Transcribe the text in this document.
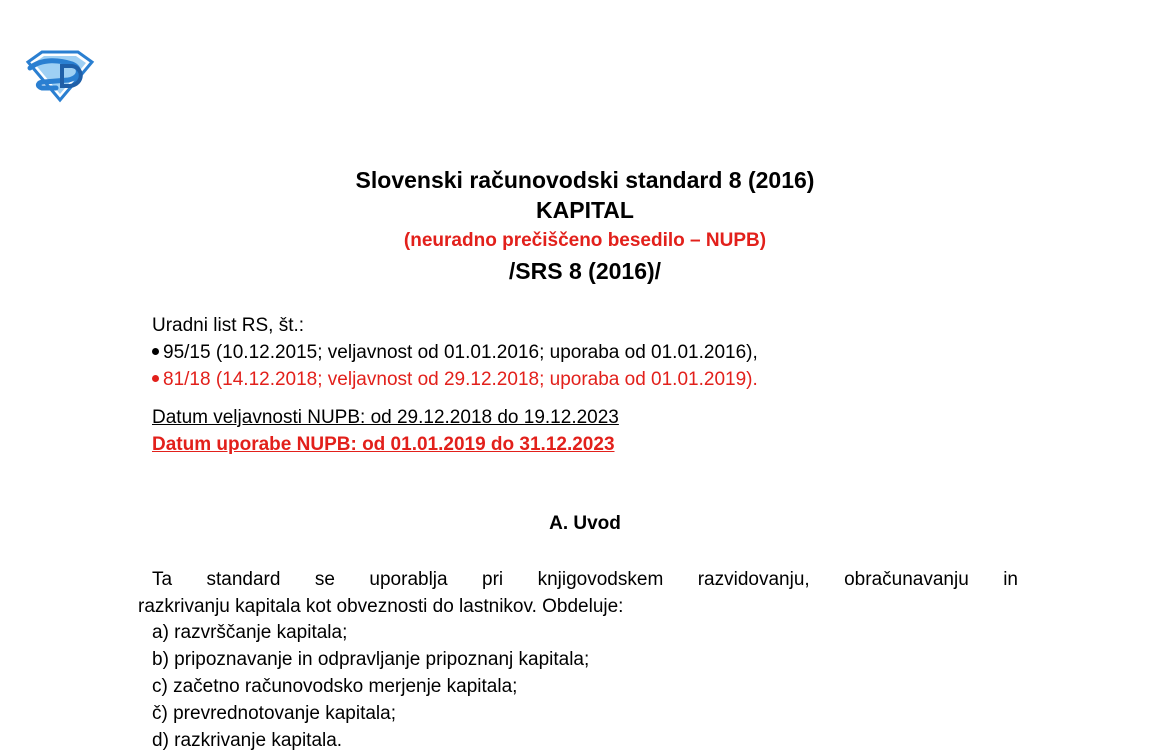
Slovenski računovodski standard 8 (2016)
KAPITAL
(neuradno prečiščeno besedilo – NUPB)
/SRS 8 (2016)/
Uradni list RS, št.:
95/15 (10.12.2015; veljavnost od 01.01.2016; uporaba od 01.01.2016),
81/18 (14.12.2018; veljavnost od 29.12.2018; uporaba od 01.01.2019).
Datum veljavnosti NUPB: od 29.12.2018 do 19.12.2023
Datum uporabe NUPB: od 01.01.2019 do 31.12.2023
A. Uvod
Ta standard se uporablja pri knjigovodskem razvidovanju, obračunavanju in
razkrivanju kapitala kot obveznosti do lastnikov. Obdeluje:
a) razvrščanje kapitala;
b) pripoznavanje in odpravljanje pripoznanj kapitala;
c) začetno računovodsko merjenje kapitala;
č) prevrednotovanje kapitala;
d) razkrivanje kapitala.
